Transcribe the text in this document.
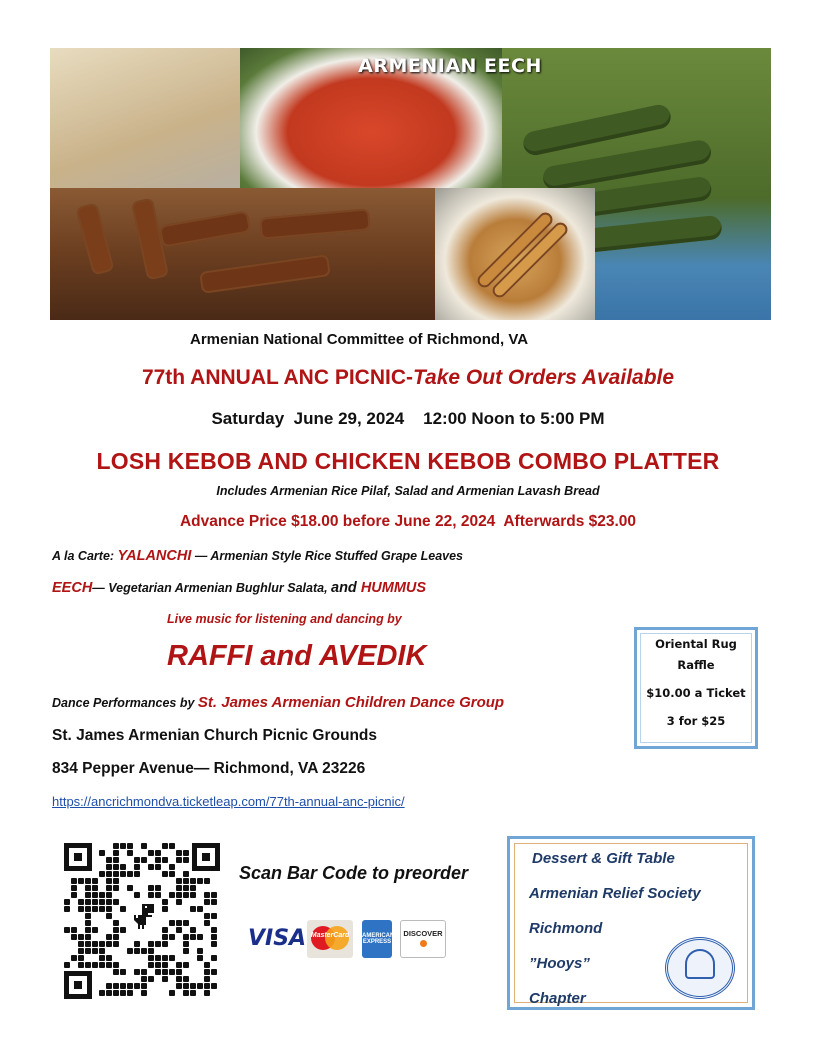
ARMENIAN EECH
Armenian National Committee of Richmond, VA
77th ANNUAL ANC PICNIC-Take Out Orders Available
Saturday  June 29, 2024    12:00 Noon to 5:00 PM
LOSH KEBOB AND CHICKEN KEBOB COMBO PLATTER
Includes Armenian Rice Pilaf, Salad and Armenian Lavash Bread
Advance Price $18.00 before June 22, 2024  Afterwards $23.00
A la Carte: YALANCHI — Armenian Style Rice Stuffed Grape Leaves
EECH— Vegetarian Armenian Bughlur Salata, and HUMMUS
Live music for listening and dancing by
RAFFI and AVEDIK
Dance Performances by St. James Armenian Children Dance Group
St. James Armenian Church Picnic Grounds
834 Pepper Avenue— Richmond, VA 23226
https://ancrichmondva.ticketleap.com/77th-annual-anc-picnic/
Oriental Rug
Raffle
$10.00 a Ticket
3 for $25
Scan Bar Code to preorder
VISA MasterCard	AMERICAN EXPRESS
DISCOVER

Dessert & Gift Table
Armenian Relief Society
Richmond
”Hooys”
Chapter
